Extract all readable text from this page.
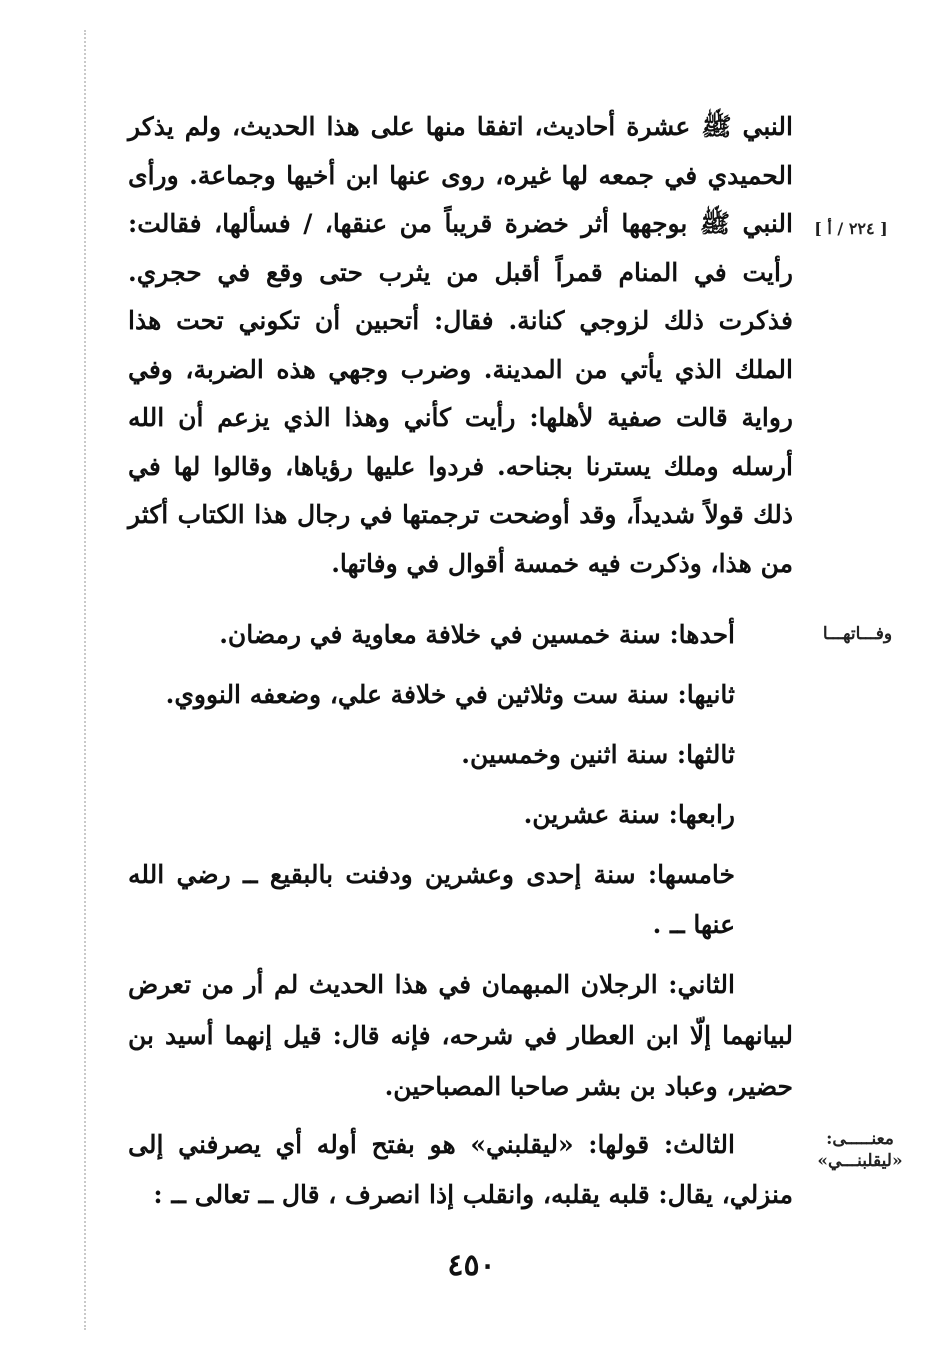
[ ٢٢٤ / أ ]
النبي ﷺ عشرة أحاديث، اتفقا منها على هذا الحديث، ولم يذكر الحميدي في جمعه لها غيره، روى عنها ابن أخيها وجماعة. ورأى النبي ﷺ بوجهها أثر خضرة قريباً من عنقها، / فسألها، فقالت: رأيت في المنام قمراً أقبل من يثرب حتى وقع في حجري. فذكرت ذلك لزوجي كنانة. فقال: أتحبين أن تكوني تحت هذا الملك الذي يأتي من المدينة. وضرب وجهي هذه الضربة، وفي رواية قالت صفية لأهلها: رأيت كأني وهذا الذي يزعم أن الله أرسله وملك يسترنا بجناحه. فردوا عليها رؤياها، وقالوا لها في ذلك قولاً شديداً، وقد أوضحت ترجمتها في رجال هذا الكتاب أكثر من هذا، وذكرت فيه خمسة أقوال في وفاتها.
وفـــاتهـــا
أحدها: سنة خمسين في خلافة معاوية في رمضان.
ثانيها: سنة ست وثلاثين في خلافة علي، وضعفه النووي.
ثالثها: سنة اثنين وخمسين.
رابعها: سنة عشرين.
خامسها: سنة إحدى وعشرين ودفنت بالبقيع ــ رضي الله عنها ــ .
الثاني: الرجلان المبهمان في هذا الحديث لم أر من تعرض لبيانهما إلّا ابن العطار في شرحه، فإنه قال: قيل إنهما أسيد بن حضير، وعباد بن بشر صاحبا المصباحين.
معنـــــى:
«ليقلبنـــي»
الثالث: قولها: «ليقلبني» هو بفتح أوله أي يصرفني إلى منزلي، يقال: قلبه يقلبه، وانقلب إذا انصرف ، قال ــ تعالى ــ :
٤٥٠
